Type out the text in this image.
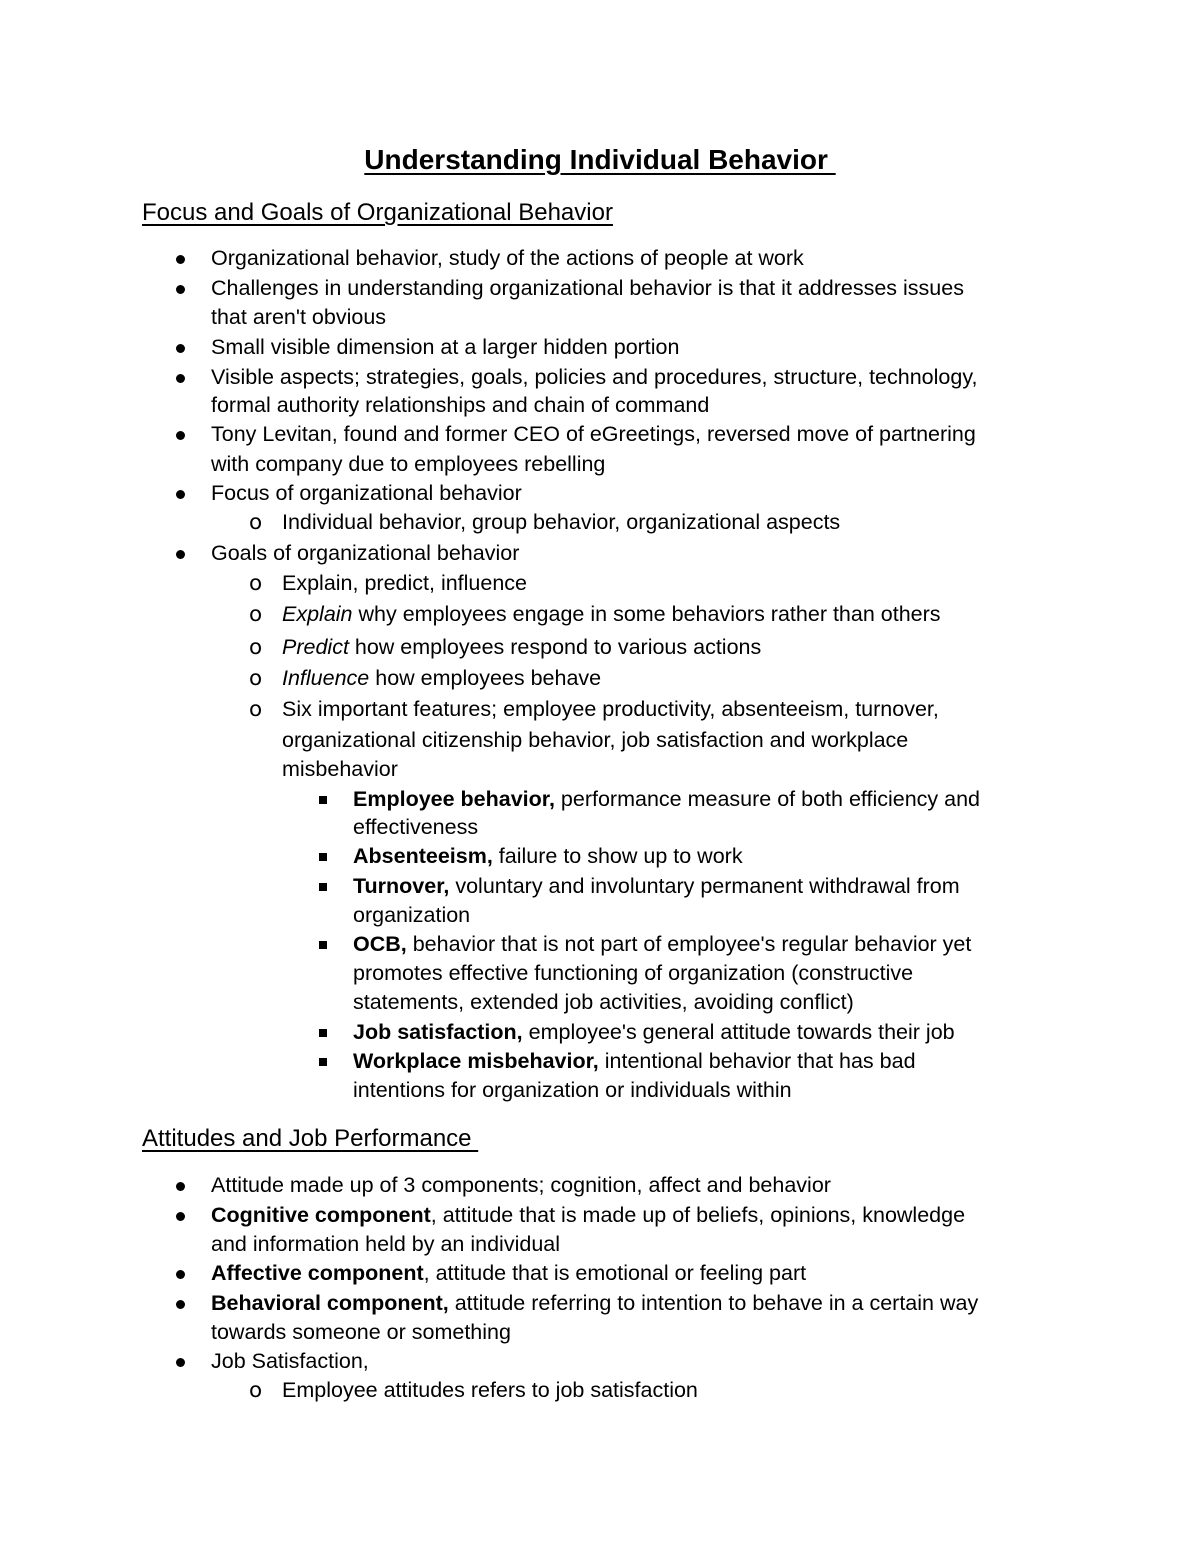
Understanding Individual Behavior
Focus and Goals of Organizational Behavior

Organizational behavior, study of the actions of people at work

Challenges in understanding organizational behavior is that it addresses issues

that aren't obvious

Small visible dimension at a larger hidden portion

Visible aspects; strategies, goals, policies and procedures, structure, technology,

formal authority relationships and chain of command

Tony Levitan, found and former CEO of eGreetings, reversed move of partnering

with company due to employees rebelling

Focus of organizational behavior

o Individual behavior, group behavior, organizational aspects

Goals of organizational behavior

o Explain, predict, influence

o Explain why employees engage in some behaviors rather than others

o Predict how employees respond to various actions

o Influence how employees behave

o Six important features; employee productivity, absenteeism, turnover,

organizational citizenship behavior, job satisfaction and workplace

misbehavior

Employee behavior, performance measure of both efficiency and

effectiveness

Absenteeism, failure to show up to work

Turnover, voluntary and involuntary permanent withdrawal from

organization

OCB, behavior that is not part of employee's regular behavior yet

promotes effective functioning of organization (constructive

statements, extended job activities, avoiding conflict)

Job satisfaction, employee's general attitude towards their job

Workplace misbehavior, intentional behavior that has bad

intentions for organization or individuals within

Attitudes and Job Performance

Attitude made up of 3 components; cognition, affect and behavior

Cognitive component, attitude that is made up of beliefs, opinions, knowledge

and information held by an individual

Affective component, attitude that is emotional or feeling part

Behavioral component, attitude referring to intention to behave in a certain way

towards someone or something

Job Satisfaction,

o Employee attitudes refers to job satisfaction
